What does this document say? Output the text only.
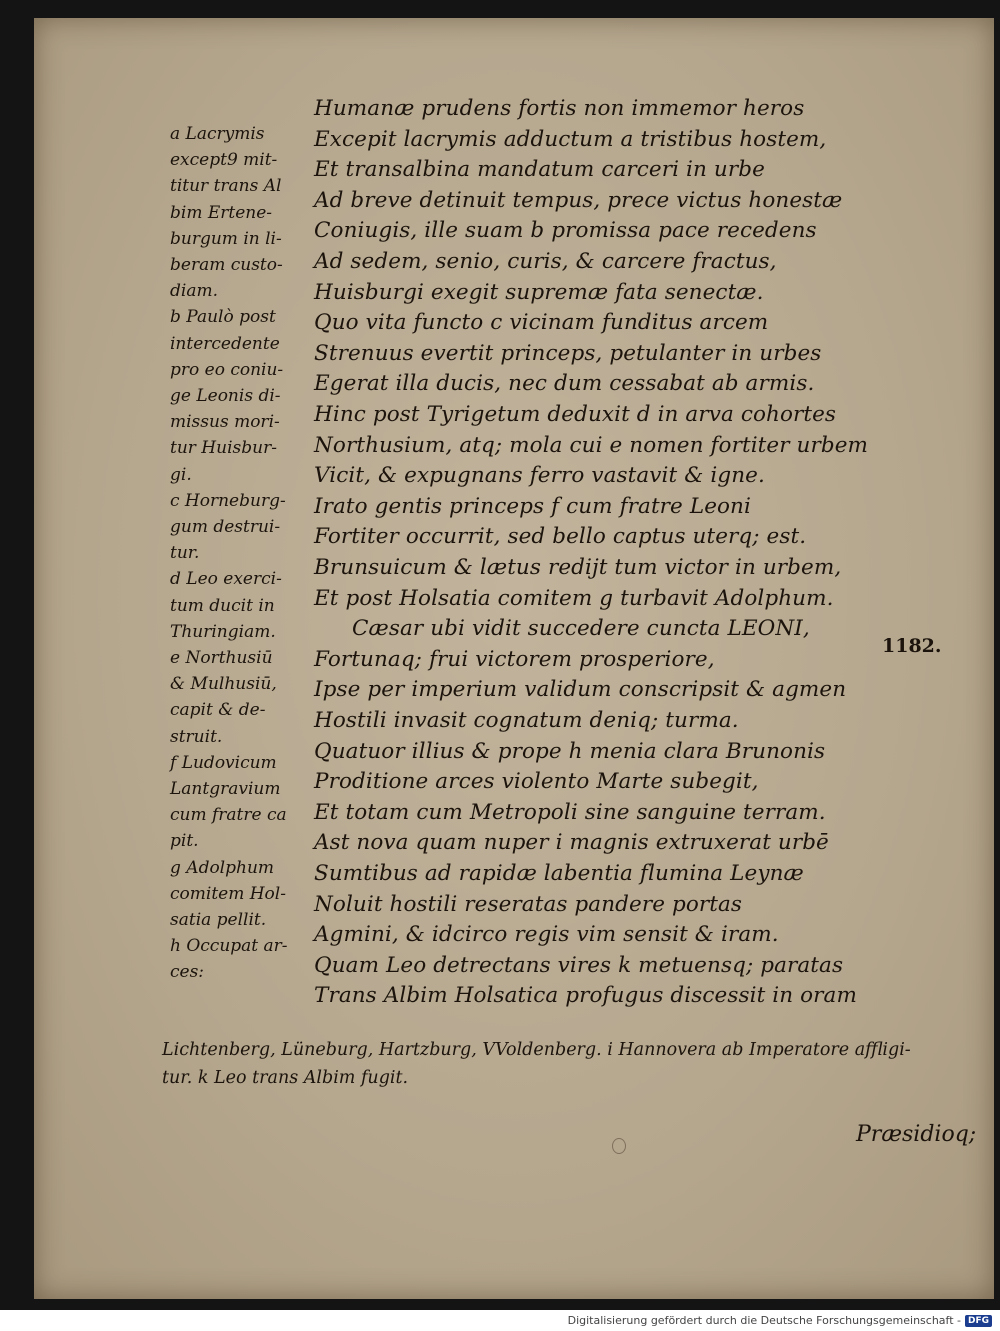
Humanæ prudens fortis non immemor heros
Excepit lacrymis adductum a tristibus hostem,
Et transalbina mandatum carceri in urbe
Ad breve detinuit tempus, prece victus honestæ
Coniugis, ille suam b promissa pace recedens
Ad sedem, senio, curis, & carcere fractus,
Huisburgi exegit supremæ fata senectæ.
Quo vita functo c vicinam funditus arcem
Strenuus evertit princeps, petulanter in urbes
Egerat illa ducis, nec dum cessabat ab armis.
Hinc post Tyrigetum deduxit d in arva cohortes
Northusium, atq; mola cui e nomen fortiter urbem
Vicit, & expugnans ferro vastavit & igne.
Irato gentis princeps f cum fratre Leoni
Fortiter occurrit, sed bello captus uterq; est.
Brunsuicum & lætus redijt tum victor in urbem,
Et post Holsatia comitem g turbavit Adolphum.
Cæsar ubi vidit succedere cuncta LEONI,
Fortunaq; frui victorem prosperiore,
Ipse per imperium validum conscripsit & agmen
Hostili invasit cognatum deniq; turma.
Quatuor illius & prope h menia clara Brunonis
Proditione arces violento Marte subegit,
Et totam cum Metropoli sine sanguine terram.
Ast nova quam nuper i magnis extruxerat urbē
Sumtibus ad rapidæ labentia flumina Leynæ
Noluit hostili reseratas pandere portas
Agmini, & idcirco regis vim sensit & iram.
Quam Leo detrectans vires k metuensq; paratas
Trans Albim Holsatica profugus discessit in oram
a Lacrymis
except9 mit-
titur trans Al
bim Ertene-
burgum in li-
beram custo-
diam.
b Paulò post
intercedente
pro eo coniu-
ge Leonis di-
missus mori-
tur Huisbur-
gi.
c Horneburg-
gum destrui-
tur.
d Leo exerci-
tum ducit in
Thuringiam.
e Northusiū
& Mulhusiū,
capit & de-
struit.
f Ludovicum
Lantgravium
cum fratre ca
pit.
g Adolphum
comitem Hol-
satia pellit.
h Occupat ar-
ces:
Lichtenberg, Lüneburg, Hartzburg, VVoldenberg. i Hannovera ab Imperatore affligi-
tur. k Leo trans Albim fugit.
1182.
Præsidioq;
Digitalisierung gefördert durch die Deutsche Forschungsgemeinschaft - DFG
